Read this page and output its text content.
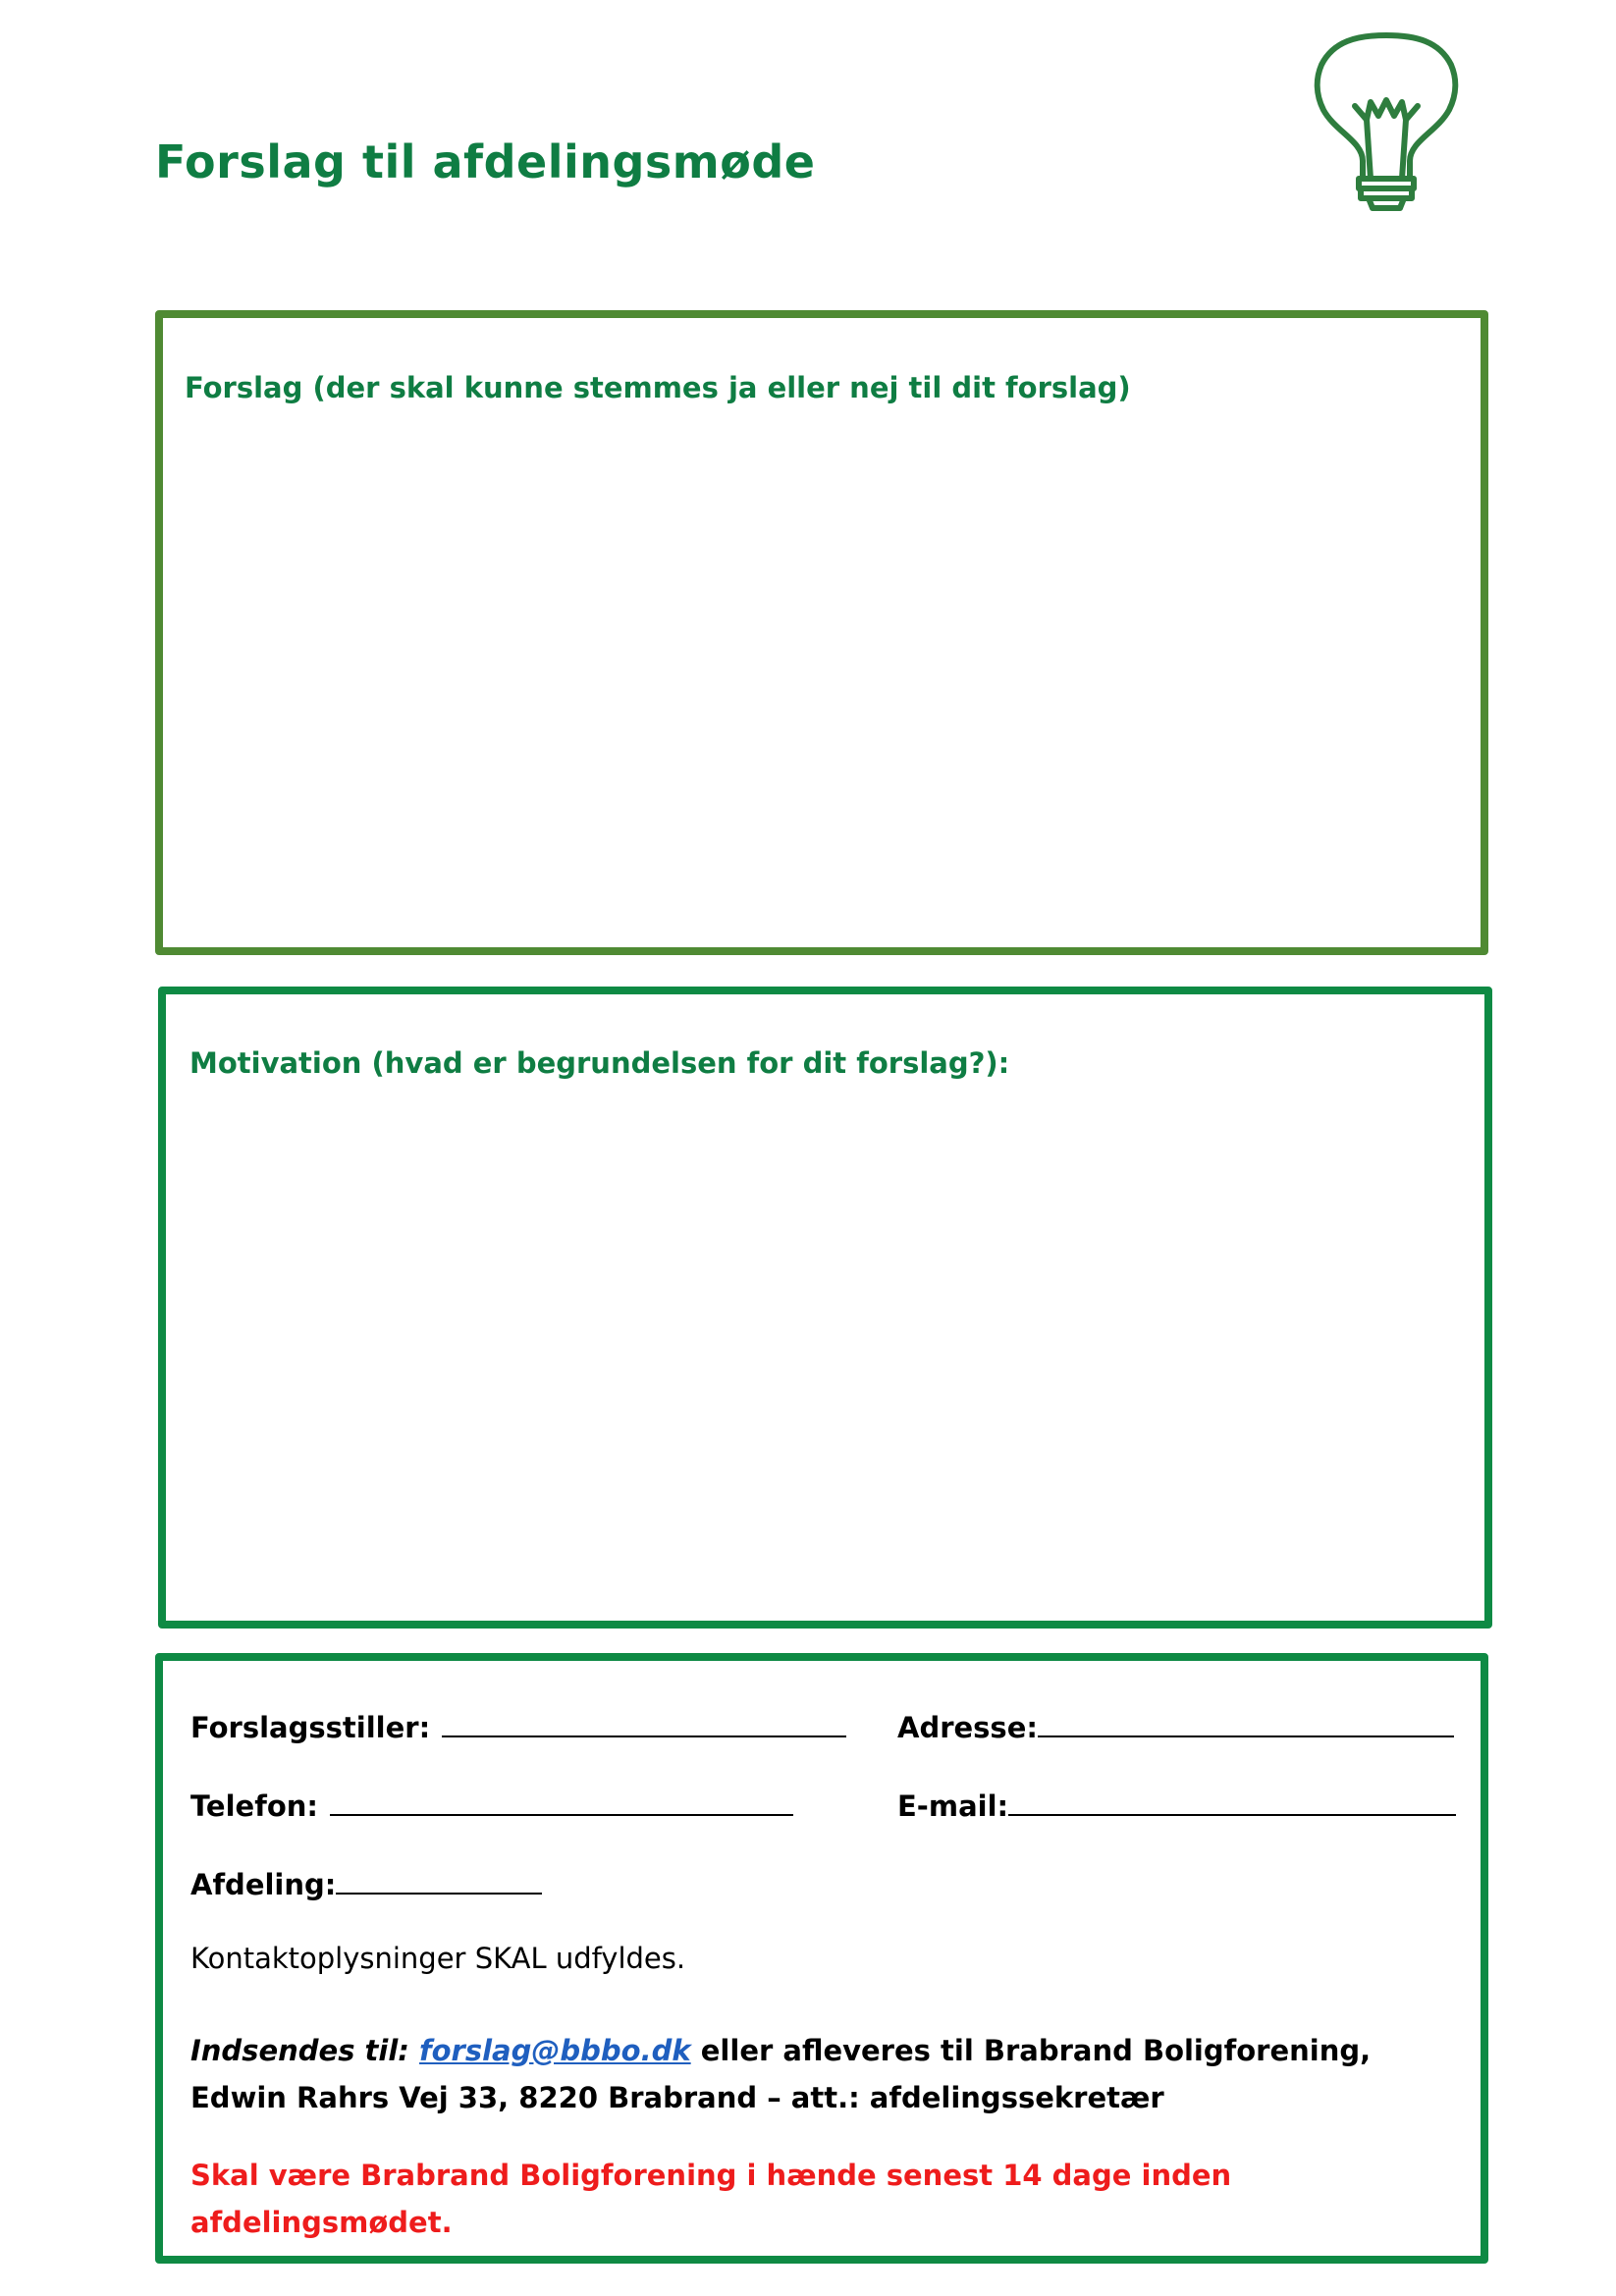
Forslag til afdelingsmøde
Forslag (der skal kunne stemmes ja eller nej til dit forslag)
Motivation (hvad er begrundelsen for dit forslag?):
Forslagsstiller:	Adresse:
Telefon:	E-mail:
Afdeling:

Kontaktoplysninger SKAL udfyldes.

Indsendes til: forslag@bbbo.dk eller afleveres til Brabrand Boligforening, Edwin Rahrs Vej 33, 8220 Brabrand – att.: afdelingssekretær

Skal være Brabrand Boligforening i hænde senest 14 dage inden afdelingsmødet.
